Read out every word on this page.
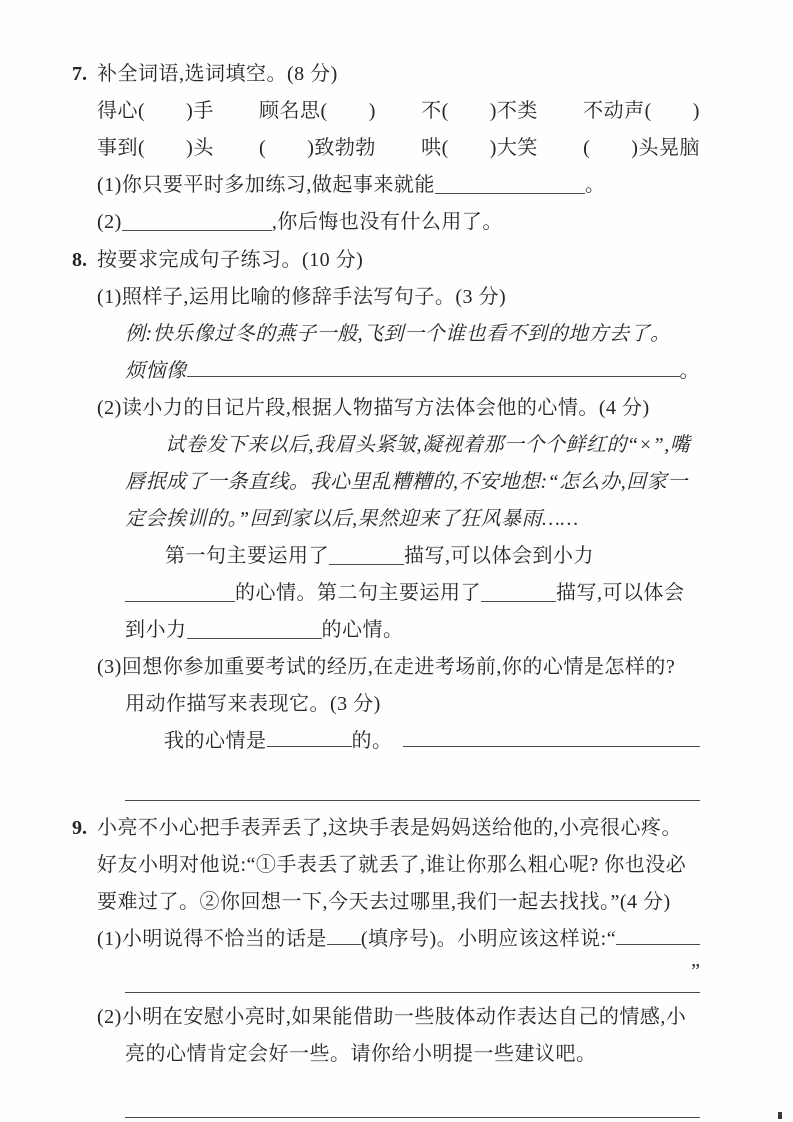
7. 补全词语,选词填空。(8 分)

得心(　　)手 顾名思(　　) 不(　　)不类 不动声(　　)
事到(　　)头 (　　)致勃勃 哄(　　)大笑 (　　)头晃脑

(1)你只要平时多加练习,做起事来就能	。

(2)	,你后悔也没有什么用了。

8. 按要求完成句子练习。(10 分)

(1)照样子,运用比喻的修辞手法写句子。(3 分)

例:快乐像过冬的燕子一般,飞到一个谁也看不到的地方去了。

烦恼像	。

(2)读小力的日记片段,根据人物描写方法体会他的心情。(4 分)

试卷发下来以后,我眉头紧皱,凝视着那一个个鲜红的“×”,嘴唇抿成了一条直线。我心里乱糟糟的,不安地想:“怎么办,回家一定会挨训的。”回到家以后,果然迎来了狂风暴雨……

第一句主要运用了	描写,可以体会到小力的心情。第二句主要运用了	描写,可以体会到小力	的心情。

(3)回想你参加重要考试的经历,在走进考场前,你的心情是怎样的? 用动作描写来表现它。(3 分)

我的心情是	的。
9. 小亮不小心把手表弄丢了,这块手表是妈妈送给他的,小亮很心疼。好友小明对他说:“①手表丢了就丢了,谁让你那么粗心呢? 你也没必要难过了。②你回想一下,今天去过哪里,我们一起去找找。”(4 分)

(1)小明说得不恰当的话是 (填序号)。小明应该这样说:“
”

(2)小明在安慰小亮时,如果能借助一些肢体动作表达自己的情感,小亮的心情肯定会好一些。请你给小明提一些建议吧。
